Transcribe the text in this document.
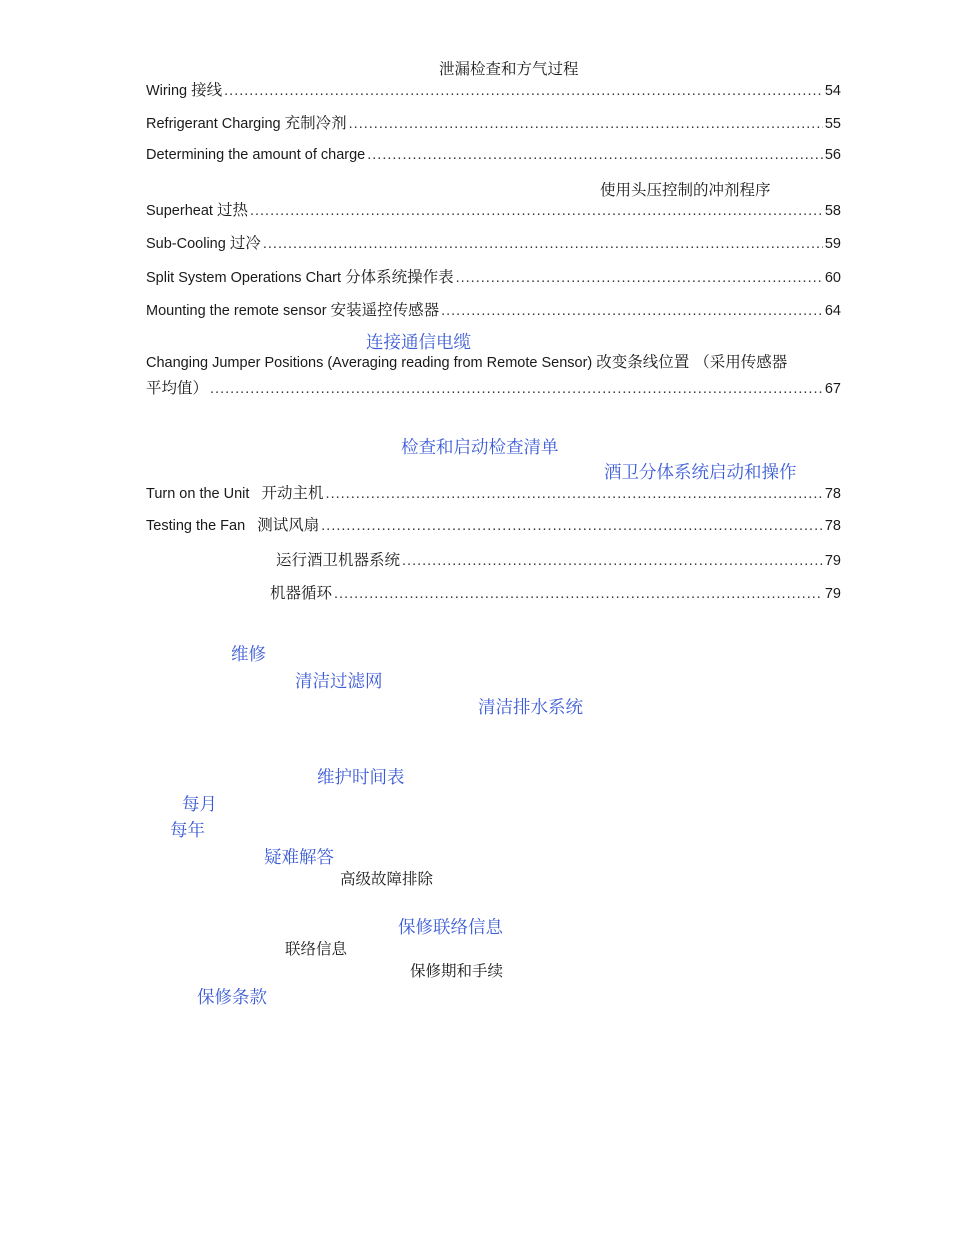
泄漏检查和方气过程
Wiring 接线 .....	54
Refrigerant Charging 充制冷剂 .....	55
Determining the amount of charge .....	56
使用头压控制的冲剂程序
Superheat 过热 .....	58
Sub-Cooling 过冷 .....	59
Split System Operations Chart 分体系统操作表 .....	60
Mounting the remote sensor 安装遥控传感器 .....	64
连接通信电缆
Changing Jumper Positions (Averaging reading from Remote Sensor) 改变条线位置 （采用传感器
平均值） .....	67
检查和启动检查清单
酒卫分体系统启动和操作
Turn on the Unit 开动主机 .....	78
Testing the Fan 测试风扇 .....	78
运行酒卫机器系统 .....	79
机器循环 .....	79
维修
清洁过滤网
清洁排水系统
维护时间表
每月
每年
疑难解答
高级故障排除
保修联络信息
联络信息
保修期和手续
保修条款
